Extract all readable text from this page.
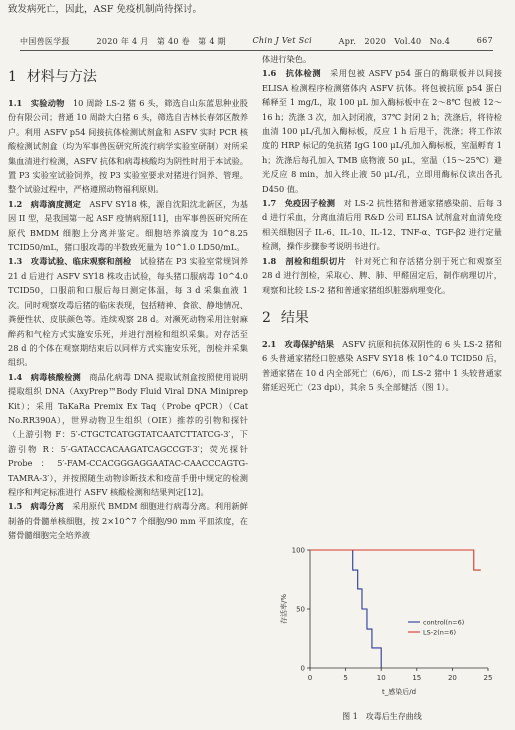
致发病死亡，因此，ASF 免疫机制尚待探讨。
中国兽医学报	2020 年 4 月　第 40 卷　第 4 期	Chin J Vet Sci	Apr.　2020　Vol.40　No.4	667
1 材料与方法

1.1　实验动物　10 周龄 LS-2 猪 6 头，筛选自山东蓝思种业股份有限公司；普通 10 周龄大白猪 6 头，筛选自吉林长春郊区散养户。利用 ASFV p54 间接抗体检测试剂盒和 ASFV 实时 PCR 核酸检测试剂盒（均为军事兽医研究所流行病学实验室研制）对所采集血清进行检测，ASFV 抗体和病毒核酸均为阴性时用于本试验。置 P3 实验室试验饲养，按 P3 实验室要求对猪进行饲养、管理。整个试验过程中，严格遵照动物福利原则。

1.2　病毒滴度测定　ASFV SY18 株，源自沈阳沈北新区，为基因 II 型，是我国第一起 ASF 疫情病原[11]，由军事兽医研究所在原代 BMDM 细胞上分离并鉴定。细胞培养滴度为 10^8.25 TCID50/mL，猪口服攻毒的半数致死量为 10^1.0 LD50/mL。

1.3　攻毒试验、临床观察和剖检　试验猪在 P3 实验室常规饲养 21 d 后进行 ASFV SY18 株攻击试验，每头猪口服病毒 10^4.0 TCID50，口服前和口服后每日测定体温，每 3 d 采集血液 1 次。同时观察攻毒后猪的临床表现，包括精神、食欲、静地情况、粪便性状、皮肤颜色等。连续观察 28 d。对濒死动物采用注射麻醉药和气栓方式实施安乐死，并进行剖检和组织采集。对存活至 28 d 的个体在观察期结束后以同样方式实施安乐死，剖检并采集组织。

1.4　病毒核酸检测　商品化病毒 DNA 提取试剂盒按照使用说明提取组织 DNA（AxyPrep™Body Fluid Viral DNA Miniprep Kit）；采用 TaKaRa Premix Ex Taq（Probe qPCR）（Cat No.RR390A），世界动物卫生组织（OIE）推荐的引物和探针（上游引物 F：5′-CTGCTCATGGTATCAATCTTATCG-3′，下游引物 R：5′-GATACCACAAGATCAGCCGT-3′；荧光探针 Probe：5′-FAM-CCACGGGAGGAATAC-CAACCCAGTG-TAMRA-3′），并按照随生动物诊断技术和疫苗手册中规定的检测程序和判定标准进行 ASFV 核酸检测和结果判定[12]。

1.5　病毒分离　采用原代 BMDM 细胞进行病毒分离。利用新鲜制备的骨髓单核细胞，按 2×10^7 个细胞/90 mm 平皿浓度，在猪骨髓细胞完全培养液

体进行染色。

1.6　抗体检测　采用包被 ASFV p54 蛋白的酶联板并以间接 ELISA 检测程序检测猪体内 ASFV 抗体。将包被抗原 p54 蛋白稀释至 1 mg/L，取 100 μL 加入酶标板中在 2～8℃ 包被 12～16 h；洗涤 3 次，加入封闭液，37℃ 封闭 2 h；洗涤后，将待检血清 100 μL/孔加入酶标板，反应 1 h 后甩干，洗涤；将工作浓度的 HRP 标记的兔抗猪 IgG 100 μL/孔加入酶标板，室温孵育 1 h；洗涤后每孔加入 TMB 底物液 50 μL，室温（15～25℃）避光反应 8 min，加入终止液 50 μL/孔，立即用酶标仪读出各孔 D450 值。

1.7　免疫因子检测　对 LS-2 抗性猪和普通家猪感染前、后每 3 d 进行采血，分离血清后用 R&D 公司 ELISA 试剂盒对血清免疫相关细胞因子 IL-6、IL-10、IL-12、TNF-α、TGF-β2 进行定量检测，操作步骤参考说明书进行。

1.8　剖检和组织切片　针对死亡和存活猪分别于死亡和观察至 28 d 进行剖检，采取心、脾、肺、甲醛固定后，制作病理切片，观察和比较 LS-2 猪和普通家猪组织脏器病理变化。

2 结果

2.1　攻毒保护结果　ASFV 抗原和抗体双阴性的 6 头 LS-2 猪和 6 头普通家猪经口腔感染 ASFV SY18 株 10^4.0 TCID50 后，普通家猪在 10 d 内全部死亡（6/6），而 LS-2 猪中 1 头较普通家猪延迟死亡（23 dpi），其余 5 头全部健活（图 1）。

0	5	10	15	20	25
0
50
100
control(n=6)
LS-2(n=6)
t_感染后/d
存活率/%
图 1　攻毒后生存曲线
